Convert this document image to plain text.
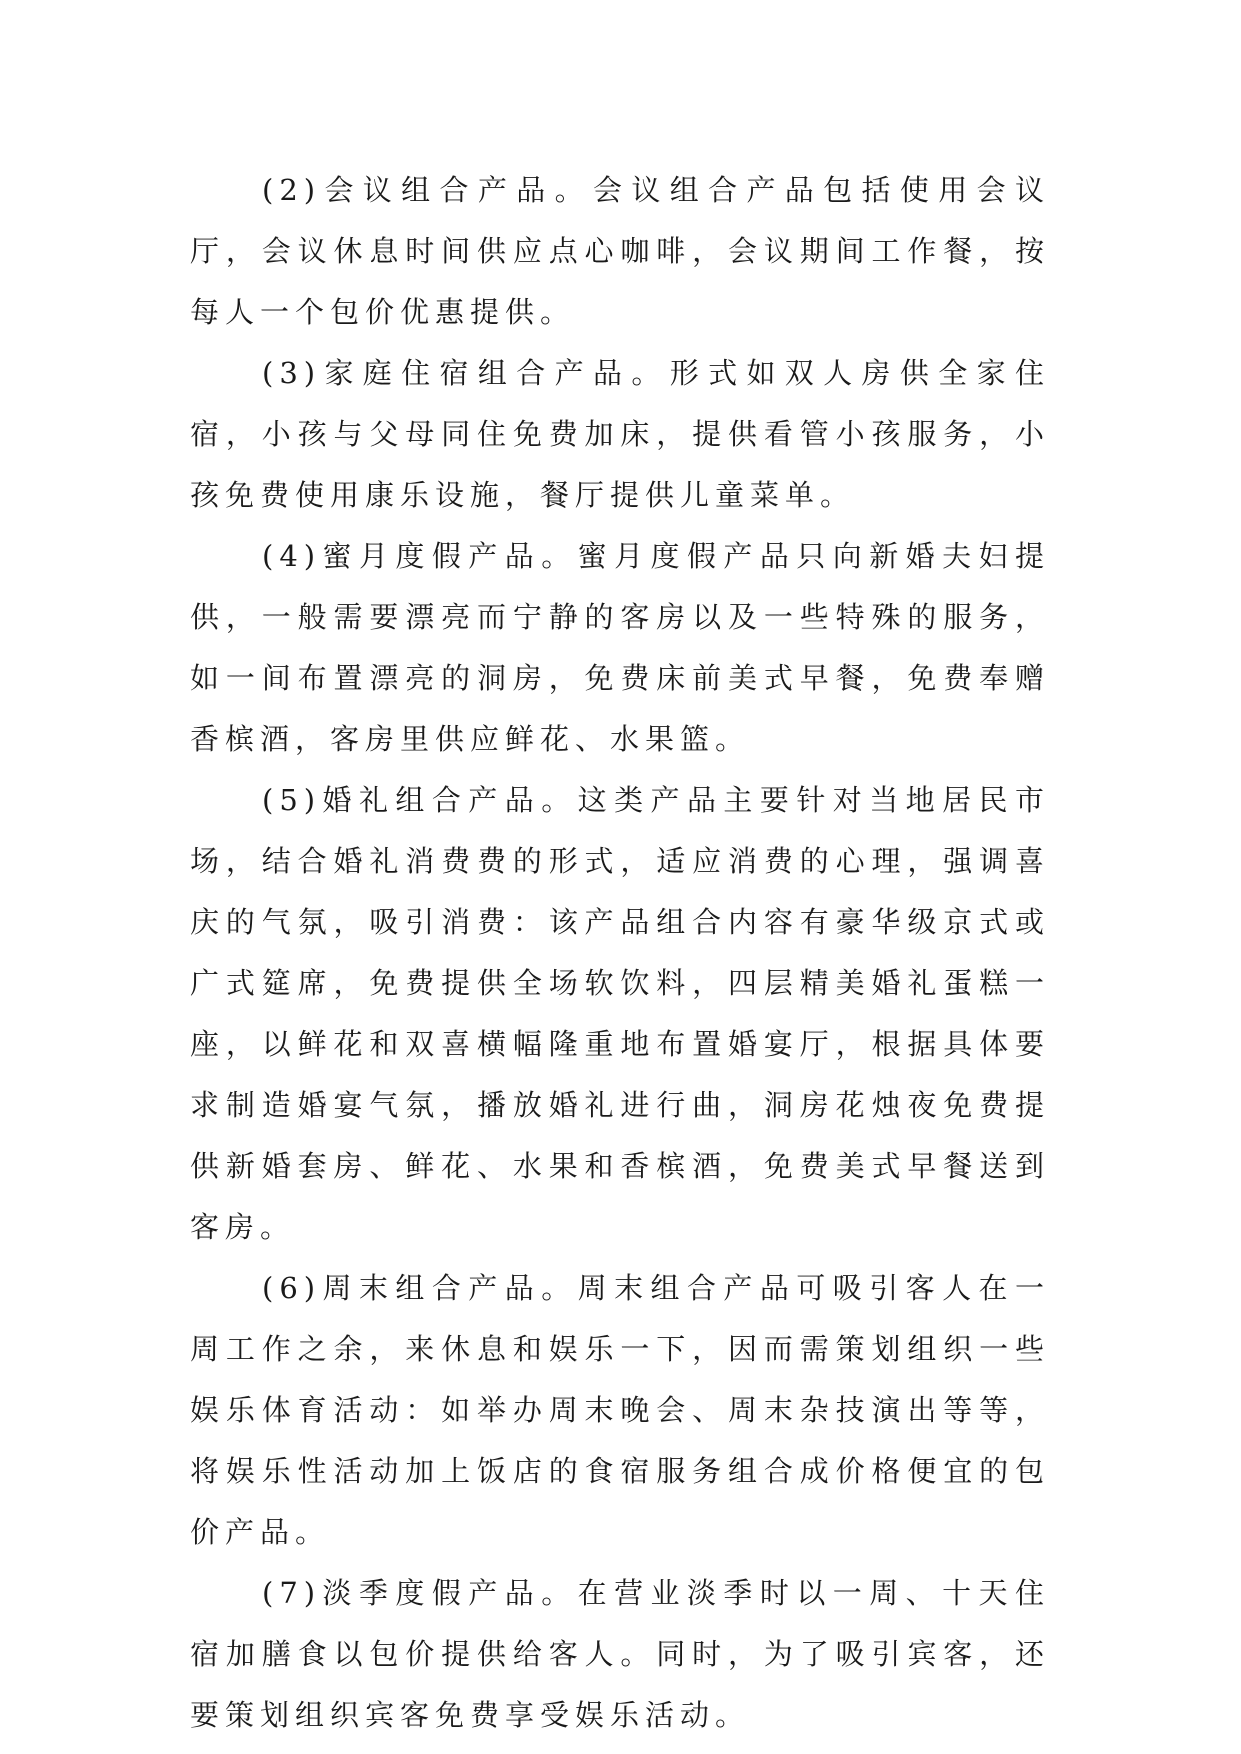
(2)会议组合产品。会议组合产品包括使用会议厅，会议休息时间供应点心咖啡，会议期间工作餐，按每人一个包价优惠提供。

(3)家庭住宿组合产品。形式如双人房供全家住宿，小孩与父母同住免费加床，提供看管小孩服务，小孩免费使用康乐设施，餐厅提供儿童菜单。

(4)蜜月度假产品。蜜月度假产品只向新婚夫妇提供，一般需要漂亮而宁静的客房以及一些特殊的服务，如一间布置漂亮的洞房，免费床前美式早餐，免费奉赠香槟酒，客房里供应鲜花、水果篮。

(5)婚礼组合产品。这类产品主要针对当地居民市场，结合婚礼消费费的形式，适应消费的心理，强调喜庆的气氛，吸引消费：该产品组合内容有豪华级京式或广式筵席，免费提供全场软饮料，四层精美婚礼蛋糕一座，以鲜花和双喜横幅隆重地布置婚宴厅，根据具体要求制造婚宴气氛，播放婚礼进行曲，洞房花烛夜免费提供新婚套房、鲜花、水果和香槟酒，免费美式早餐送到客房。

(6)周末组合产品。周末组合产品可吸引客人在一周工作之余，来休息和娱乐一下，因而需策划组织一些娱乐体育活动：如举办周末晚会、周末杂技演出等等，将娱乐性活动加上饭店的食宿服务组合成价格便宜的包价产品。

(7)淡季度假产品。在营业淡季时以一周、十天住宿加膳食以包价提供给客人。同时，为了吸引宾客，还要策划组织宾客免费享受娱乐活动。
